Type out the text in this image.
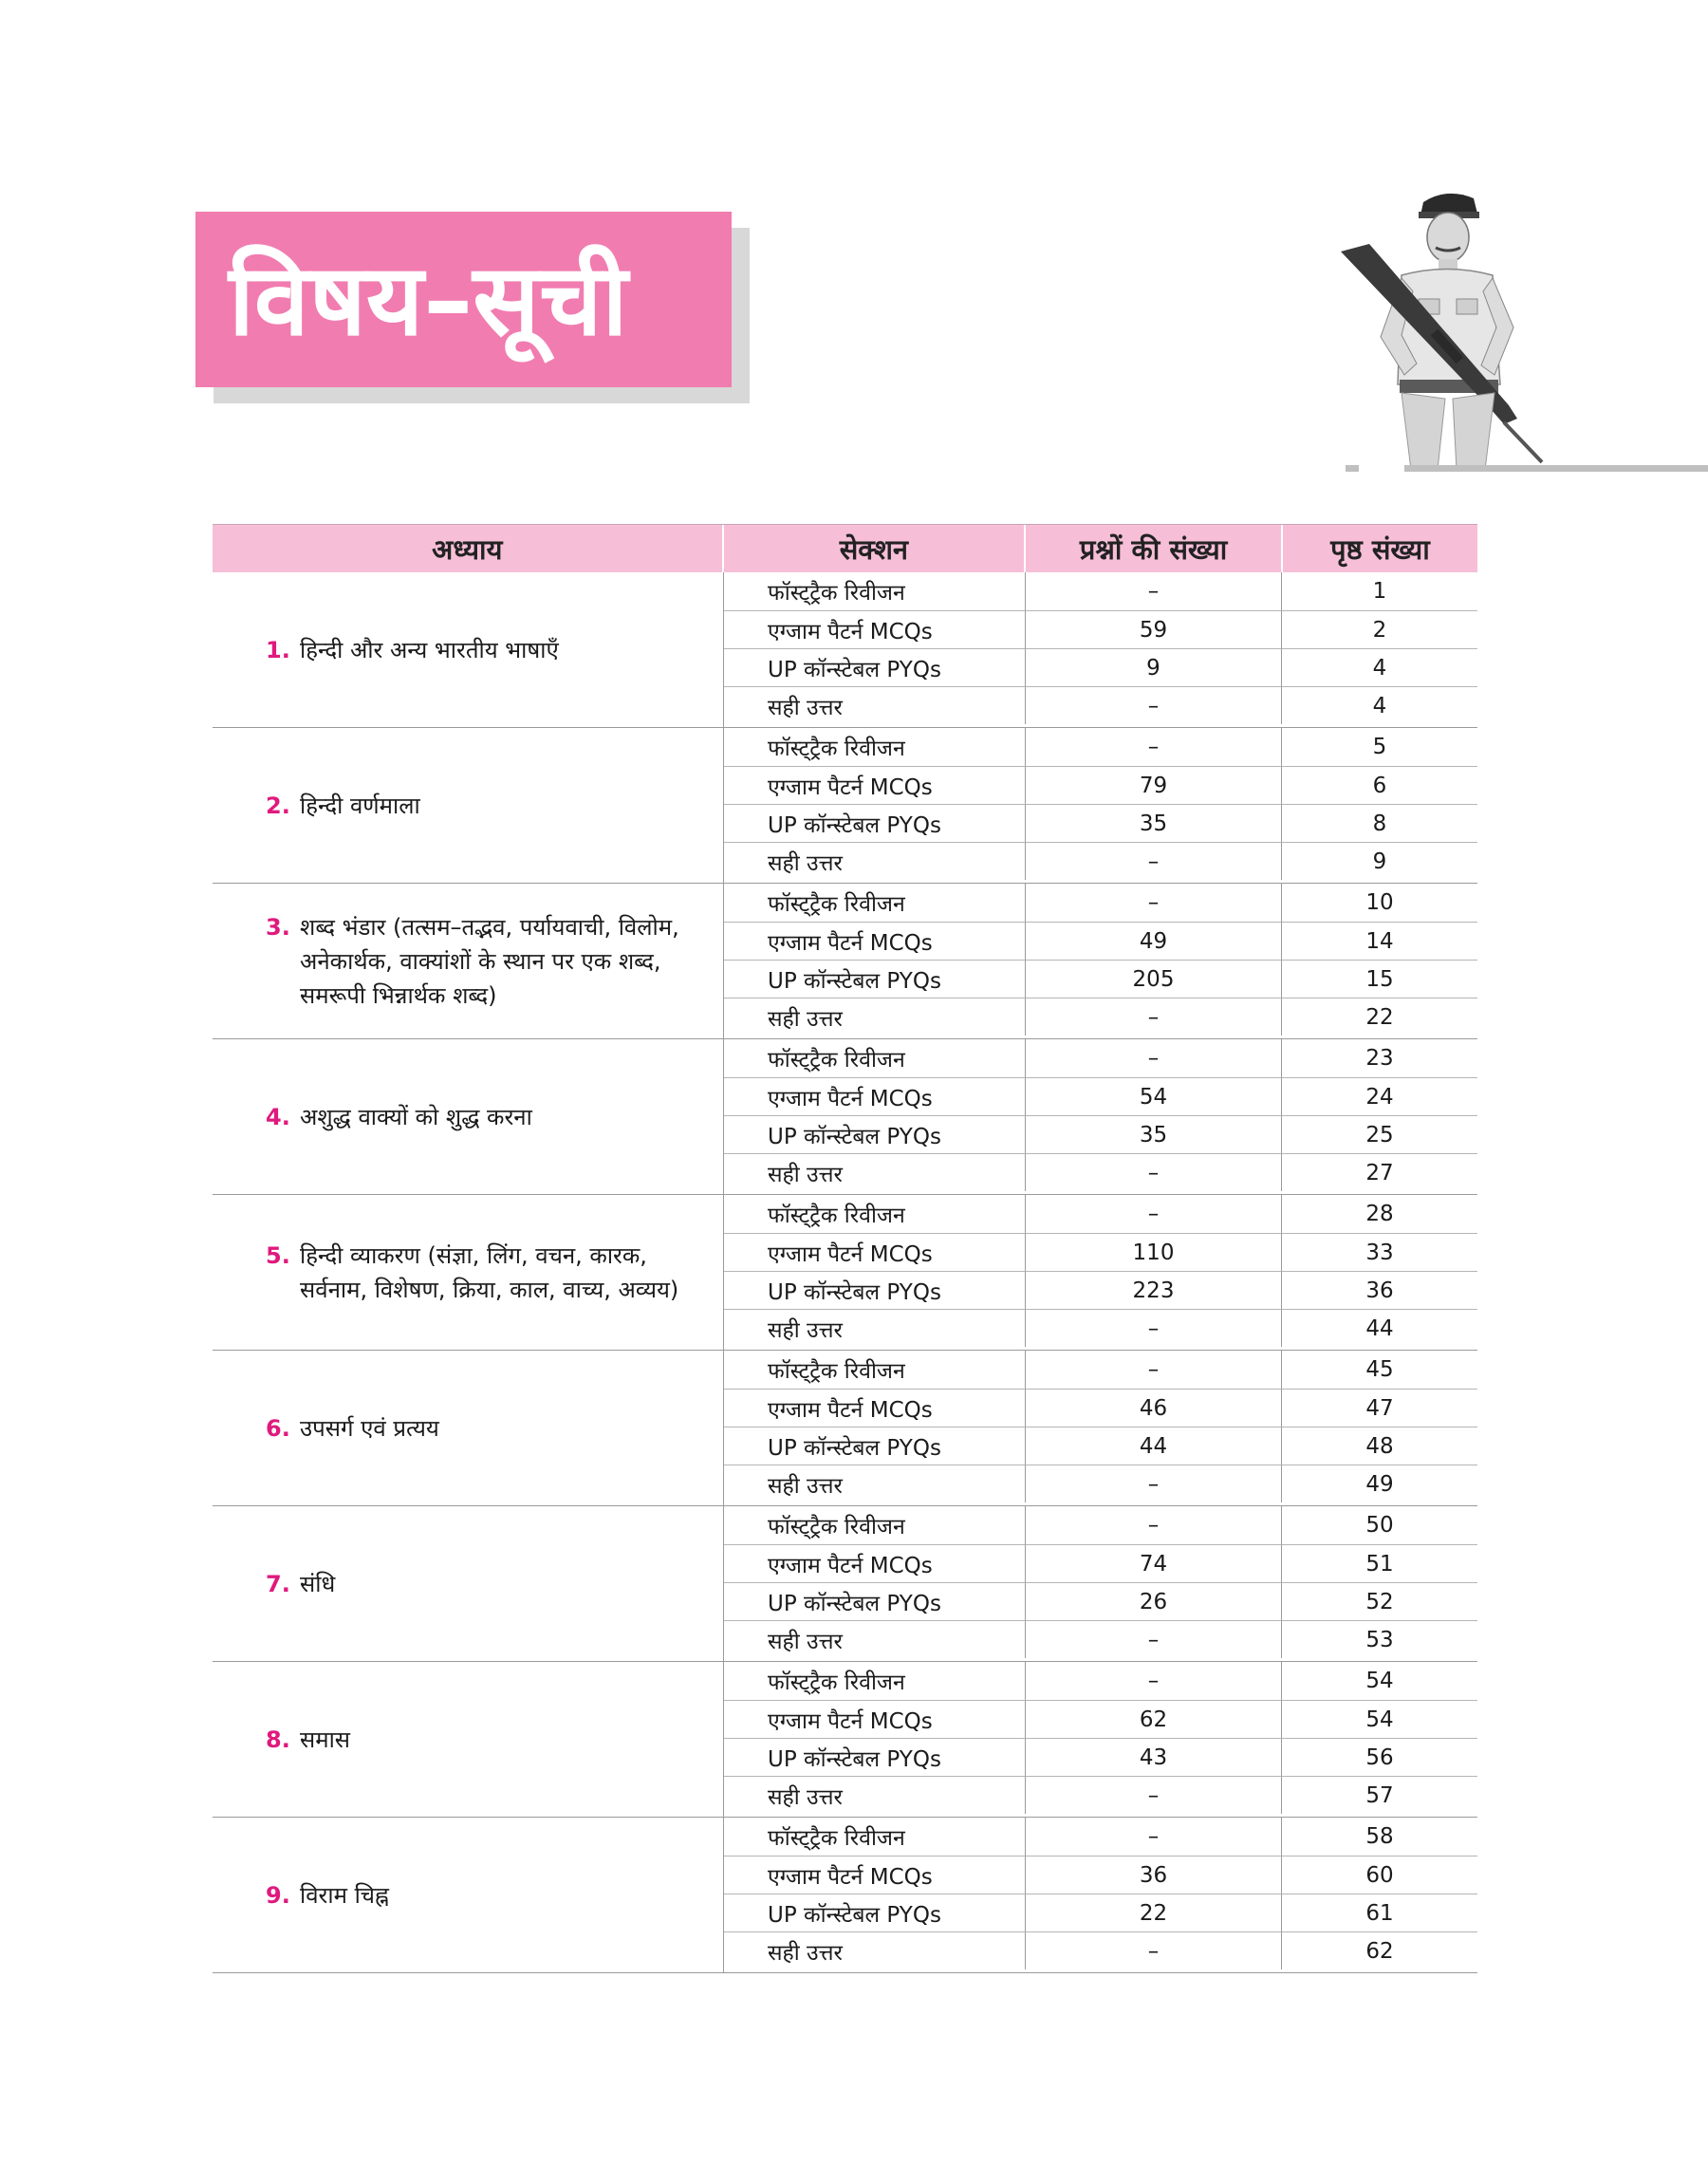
विषय–सूची
अध्याय	सेक्शन	प्रश्नों की संख्या	पृष्ठ संख्या
1. हिन्दी और अन्य भारतीय भाषाएँ
फॉस्ट्ट्रैक रिवीजन	–	1
एग्जाम पैटर्न MCQs	59	2
UP कॉन्स्टेबल PYQs	9	4
सही उत्तर	–	4
2. हिन्दी वर्णमाला
फॉस्ट्ट्रैक रिवीजन	–	5
एग्जाम पैटर्न MCQs	79	6
UP कॉन्स्टेबल PYQs	35	8
सही उत्तर	–	9
3. शब्द भंडार (तत्सम–तद्भव, पर्यायवाची, विलोम, अनेकार्थक, वाक्यांशों के स्थान पर एक शब्द, समरूपी भिन्नार्थक शब्द)
फॉस्ट्ट्रैक रिवीजन	–	10
एग्जाम पैटर्न MCQs	49	14
UP कॉन्स्टेबल PYQs	205	15
सही उत्तर	–	22
4. अशुद्ध वाक्यों को शुद्ध करना
फॉस्ट्ट्रैक रिवीजन	–	23
एग्जाम पैटर्न MCQs	54	24
UP कॉन्स्टेबल PYQs	35	25
सही उत्तर	–	27
5. हिन्दी व्याकरण (संज्ञा, लिंग, वचन, कारक, सर्वनाम, विशेषण, क्रिया, काल, वाच्य, अव्यय)
फॉस्ट्ट्रैक रिवीजन	–	28
एग्जाम पैटर्न MCQs	110	33
UP कॉन्स्टेबल PYQs	223	36
सही उत्तर	–	44
6. उपसर्ग एवं प्रत्यय
फॉस्ट्ट्रैक रिवीजन	–	45
एग्जाम पैटर्न MCQs	46	47
UP कॉन्स्टेबल PYQs	44	48
सही उत्तर	–	49
7. संधि
फॉस्ट्ट्रैक रिवीजन	–	50
एग्जाम पैटर्न MCQs	74	51
UP कॉन्स्टेबल PYQs	26	52
सही उत्तर	–	53
8. समास
फॉस्ट्ट्रैक रिवीजन	–	54
एग्जाम पैटर्न MCQs	62	54
UP कॉन्स्टेबल PYQs	43	56
सही उत्तर	–	57
9. विराम चिह्न
फॉस्ट्ट्रैक रिवीजन	–	58
एग्जाम पैटर्न MCQs	36	60
UP कॉन्स्टेबल PYQs	22	61
सही उत्तर	–	62
